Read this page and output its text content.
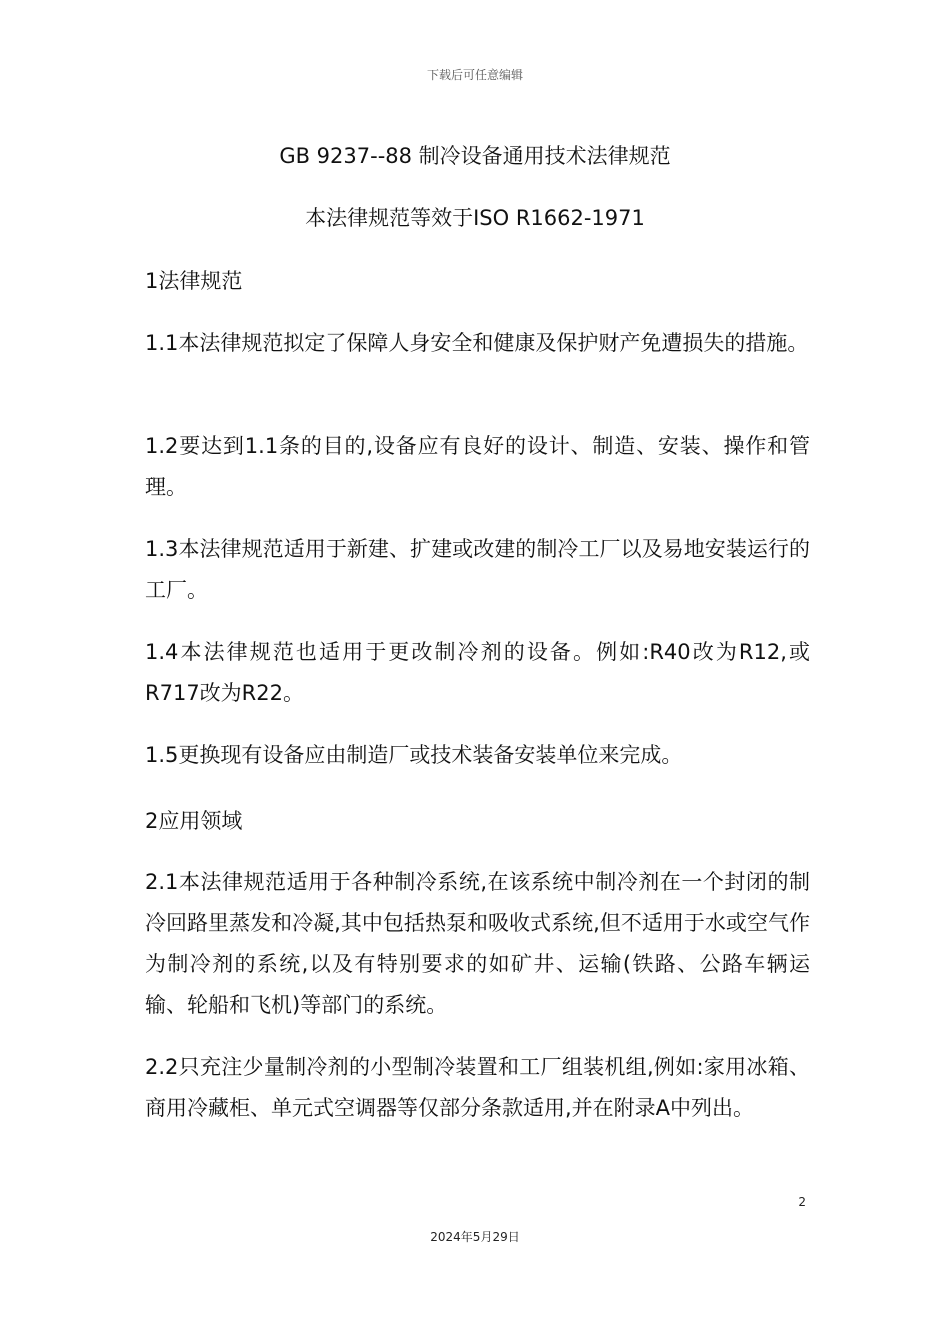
下载后可任意编辑
GB 9237--88 制冷设备通用技术法律规范
本法律规范等效于ISO R1662-1971
1法律规范

1.1本法律规范拟定了保障人身安全和健康及保护财产免遭损失的措施。

1.2要达到1.1条的目的,设备应有良好的设计、制造、安装、操作和管理。

1.3本法律规范适用于新建、扩建或改建的制冷工厂以及易地安装运行的工厂。

1.4本法律规范也适用于更改制冷剂的设备。例如:R40改为R12,或R717改为R22。

1.5更换现有设备应由制造厂或技术装备安装单位来完成。

2应用领域

2.1本法律规范适用于各种制冷系统,在该系统中制冷剂在一个封闭的制冷回路里蒸发和冷凝,其中包括热泵和吸收式系统,但不适用于水或空气作为制冷剂的系统,以及有特别要求的如矿井、运输(铁路、公路车辆运输、轮船和飞机)等部门的系统。

2.2只充注少量制冷剂的小型制冷装置和工厂组装机组,例如:家用冰箱、商用冷藏柜、单元式空调器等仅部分条款适用,并在附录A中列出。

2
2024年5月29日
